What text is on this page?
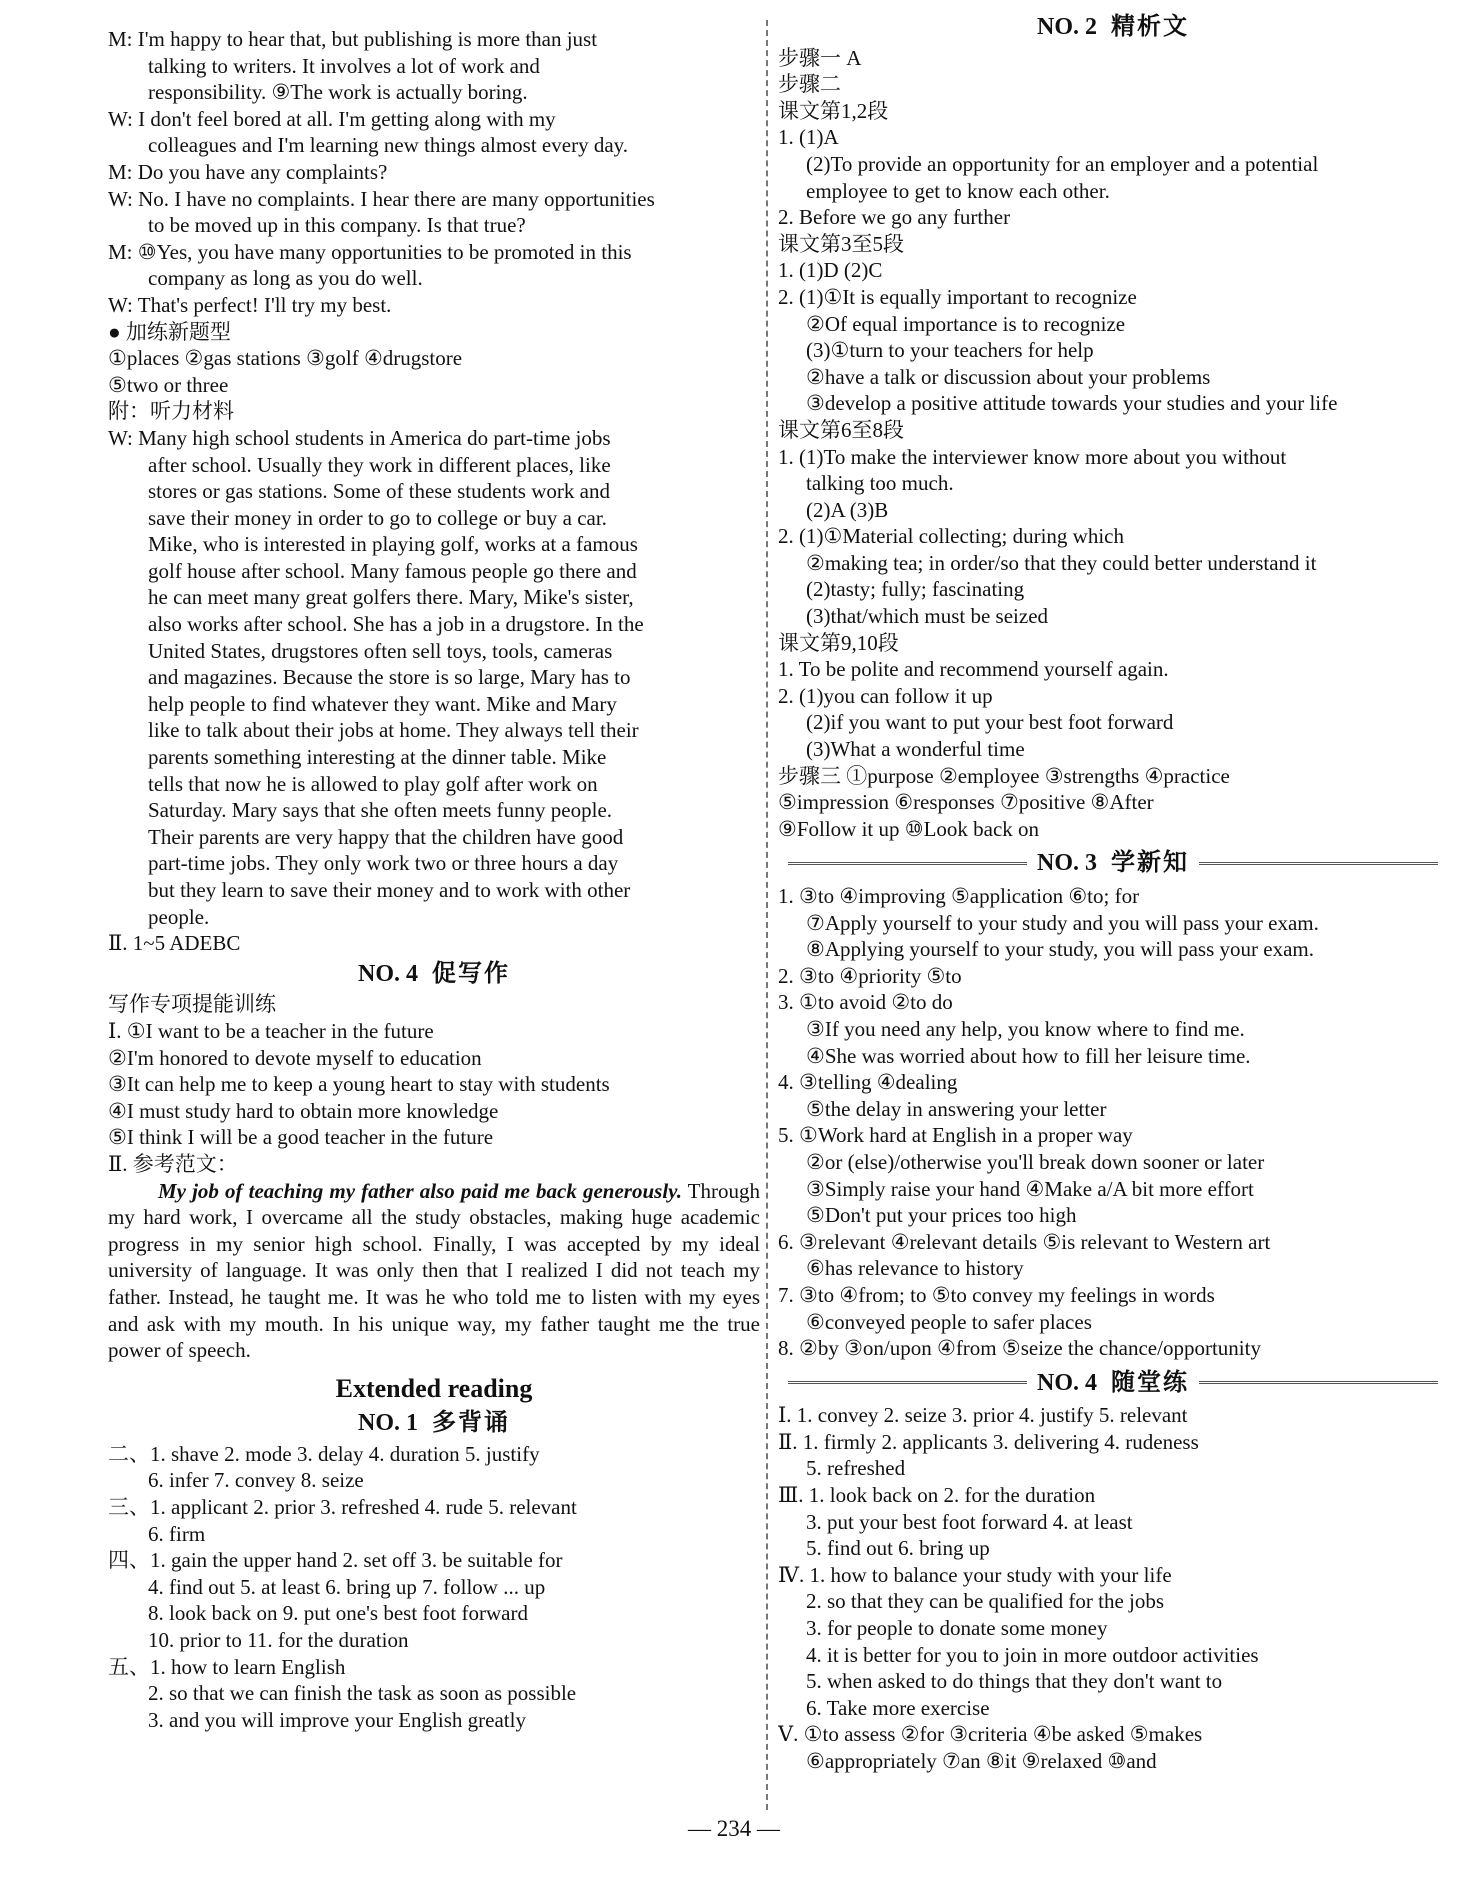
M: I'm happy to hear that, but publishing is more than just
talking to writers. It involves a lot of work and
responsibility. ⑨The work is actually boring.
W: I don't feel bored at all. I'm getting along with my
colleagues and I'm learning new things almost every day.
M: Do you have any complaints?
W: No. I have no complaints. I hear there are many opportunities
to be moved up in this company. Is that true?
M: ⑩Yes, you have many opportunities to be promoted in this
company as long as you do well.
W: That's perfect! I'll try my best.
● 加练新题型
①places ②gas stations ③golf ④drugstore
⑤two or three
附：听力材料
W: Many high school students in America do part-time jobs
after school. Usually they work in different places, like
stores or gas stations. Some of these students work and
save their money in order to go to college or buy a car.
Mike, who is interested in playing golf, works at a famous
golf house after school. Many famous people go there and
he can meet many great golfers there. Mary, Mike's sister,
also works after school. She has a job in a drugstore. In the
United States, drugstores often sell toys, tools, cameras
and magazines. Because the store is so large, Mary has to
help people to find whatever they want. Mike and Mary
like to talk about their jobs at home. They always tell their
parents something interesting at the dinner table. Mike
tells that now he is allowed to play golf after work on
Saturday. Mary says that she often meets funny people.
Their parents are very happy that the children have good
part-time jobs. They only work two or three hours a day
but they learn to save their money and to work with other
people.
Ⅱ. 1~5 ADEBC
NO. 4 促写作
写作专项提能训练
Ⅰ. ①I want to be a teacher in the future
②I'm honored to devote myself to education
③It can help me to keep a young heart to stay with students
④I must study hard to obtain more knowledge
⑤I think I will be a good teacher in the future
Ⅱ. 参考范文：
My job of teaching my father also paid me back generously. Through my hard work, I overcame all the study obstacles, making huge academic progress in my senior high school. Finally, I was accepted by my ideal university of language. It was only then that I realized I did not teach my father. Instead, he taught me. It was he who told me to listen with my eyes and ask with my mouth. In his unique way, my father taught me the true power of speech.
Extended reading
NO. 1 多背诵
二、1. shave 2. mode 3. delay 4. duration 5. justify
6. infer 7. convey 8. seize
三、1. applicant 2. prior 3. refreshed 4. rude 5. relevant
6. firm
四、1. gain the upper hand 2. set off 3. be suitable for
4. find out 5. at least 6. bring up 7. follow ... up
8. look back on 9. put one's best foot forward
10. prior to 11. for the duration
五、1. how to learn English
2. so that we can finish the task as soon as possible
3. and you will improve your English greatly
NO. 2 精析文
步骤一 A
步骤二
课文第1,2段
1. (1)A
(2)To provide an opportunity for an employer and a potential
employee to get to know each other.
2. Before we go any further
课文第3至5段
1. (1)D (2)C
2. (1)①It is equally important to recognize
②Of equal importance is to recognize
(3)①turn to your teachers for help
②have a talk or discussion about your problems
③develop a positive attitude towards your studies and your life
课文第6至8段
1. (1)To make the interviewer know more about you without
talking too much.
(2)A (3)B
2. (1)①Material collecting; during which
②making tea; in order/so that they could better understand it
(2)tasty; fully; fascinating
(3)that/which must be seized
课文第9,10段
1. To be polite and recommend yourself again.
2. (1)you can follow it up
(2)if you want to put your best foot forward
(3)What a wonderful time
步骤三 ①purpose ②employee ③strengths ④practice
⑤impression ⑥responses ⑦positive ⑧After
⑨Follow it up ⑩Look back on
NO. 3 学新知
1. ③to ④improving ⑤application ⑥to; for
⑦Apply yourself to your study and you will pass your exam.
⑧Applying yourself to your study, you will pass your exam.
2. ③to ④priority ⑤to
3. ①to avoid ②to do
③If you need any help, you know where to find me.
④She was worried about how to fill her leisure time.
4. ③telling ④dealing
⑤the delay in answering your letter
5. ①Work hard at English in a proper way
②or (else)/otherwise you'll break down sooner or later
③Simply raise your hand ④Make a/A bit more effort
⑤Don't put your prices too high
6. ③relevant ④relevant details ⑤is relevant to Western art
⑥has relevance to history
7. ③to ④from; to ⑤to convey my feelings in words
⑥conveyed people to safer places
8. ②by ③on/upon ④from ⑤seize the chance/opportunity
NO. 4 随堂练
Ⅰ. 1. convey 2. seize 3. prior 4. justify 5. relevant
Ⅱ. 1. firmly 2. applicants 3. delivering 4. rudeness
5. refreshed
Ⅲ. 1. look back on 2. for the duration
3. put your best foot forward 4. at least
5. find out 6. bring up
Ⅳ. 1. how to balance your study with your life
2. so that they can be qualified for the jobs
3. for people to donate some money
4. it is better for you to join in more outdoor activities
5. when asked to do things that they don't want to
6. Take more exercise
Ⅴ. ①to assess ②for ③criteria ④be asked ⑤makes
⑥appropriately ⑦an ⑧it ⑨relaxed ⑩and
— 234 —
